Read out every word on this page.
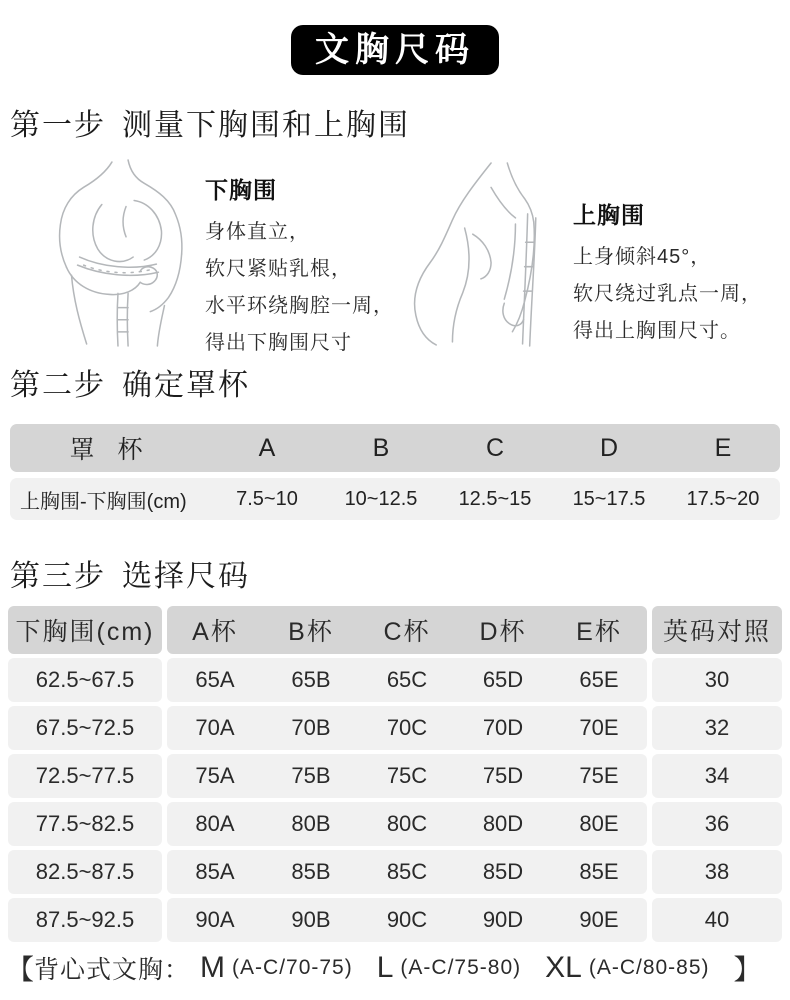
文胸尺码
第一步 测量下胸围和上胸围
下胸围
身体直立，
软尺紧贴乳根，
水平环绕胸腔一周，
得出下胸围尺寸
上胸围
上身倾斜45°，
软尺绕过乳点一周，
得出上胸围尺寸。
第二步 确定罩杯
罩 杯	A	B	C	D	E
上胸围-下胸围(cm)	7.5~10	10~12.5	12.5~15	15~17.5	17.5~20
第三步 选择尺码
下胸围(cm)	A杯	B杯	C杯	D杯	E杯	英码对照
62.5~67.5	65A	65B	65C	65D	65E	30
67.5~72.5	70A	70B	70C	70D	70E	32
72.5~77.5	75A	75B	75C	75D	75E	34
77.5~82.5	80A	80B	80C	80D	80E	36
82.5~87.5	85A	85B	85C	85D	85E	38
87.5~92.5	90A	90B	90C	90D	90E	40
【 背心式文胸： M (A-C/70-75) L (A-C/75-80) XL (A-C/80-85) 】
